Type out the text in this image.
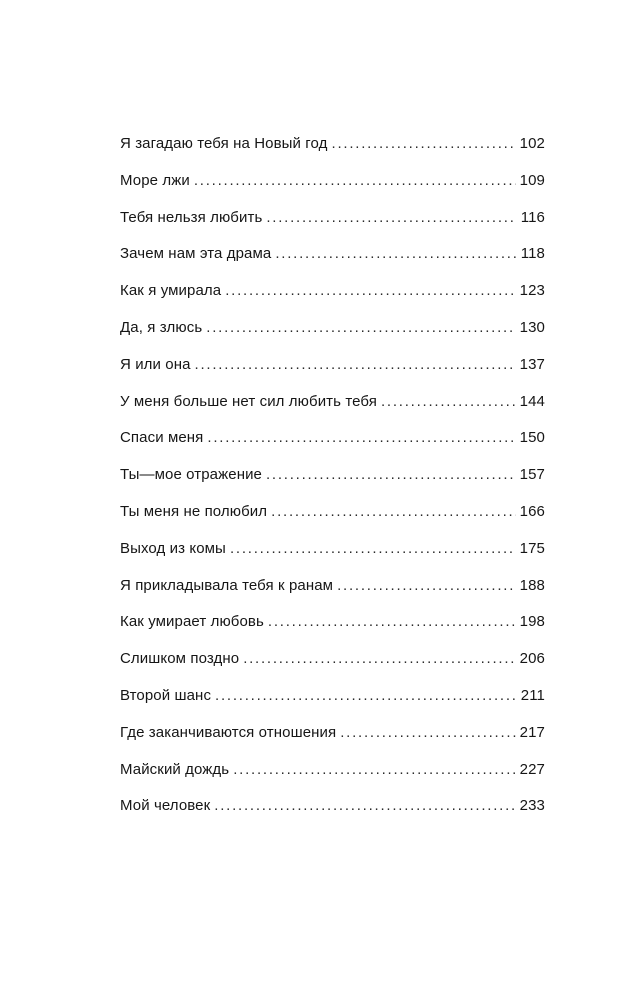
Я загадаю тебя на Новый год . . .	102
Море лжи . . .	109
Тебя нельзя любить . . .	116
Зачем нам эта драма . . .	118
Как я умирала . . .	123
Да, я злюсь . . .	130
Я или она . . .	137
У меня больше нет сил любить тебя . . .	144
Спаси меня . . .	150
Ты—мое отражение . . .	157
Ты меня не полюбил . . .	166
Выход из комы . . .	175
Я прикладывала тебя к ранам . . .	188
Как умирает любовь . . .	198
Слишком поздно . . .	206
Второй шанс . . .	211
Где заканчиваются отношения . . .	217
Майский дождь . . .	227
Мой человек . . .	233
